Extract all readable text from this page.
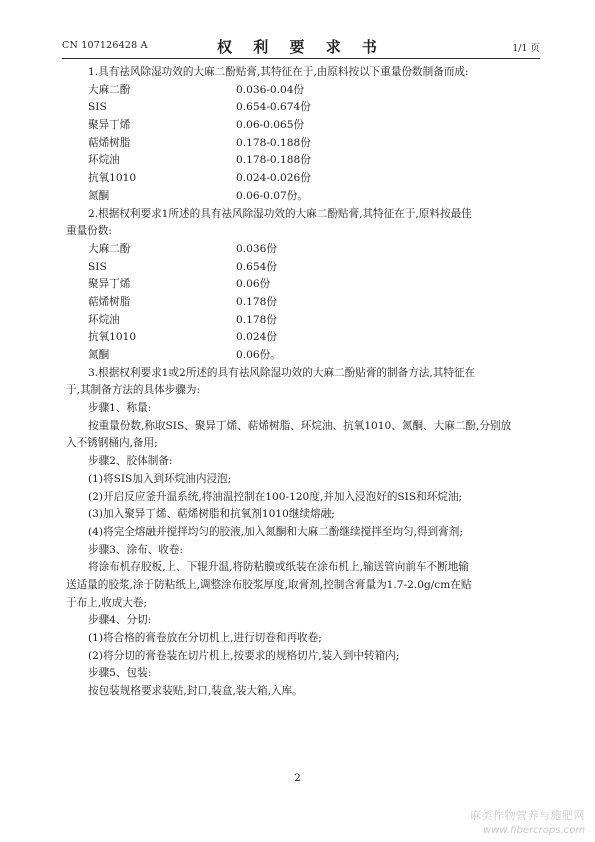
CN 107126428 A	权 利 要 求 书	1/1 页
1.具有祛风除湿功效的大麻二酚贴膏,其特征在于,由原料按以下重量份数制备而成:
大麻二酚	0.036-0.04份
SIS	0.654-0.674份
聚异丁烯	0.06-0.065份
萜烯树脂	0.178-0.188份
环烷油	0.178-0.188份
抗氧1010	0.024-0.026份
氮酮	0.06-0.07份。
2.根据权利要求1所述的具有祛风除湿功效的大麻二酚贴膏,其特征在于,原料按最佳
重量份数:
大麻二酚	0.036份
SIS	0.654份
聚异丁烯	0.06份
萜烯树脂	0.178份
环烷油	0.178份
抗氧1010	0.024份
氮酮	0.06份。
3.根据权利要求1或2所述的具有祛风除湿功效的大麻二酚贴膏的制备方法,其特征在
于,其制备方法的具体步骤为:
步骤1、称量:
按重量份数,称取SIS、聚异丁烯、萜烯树脂、环烷油、抗氧1010、氮酮、大麻二酚,分别放
入不锈钢桶内,备用;
步骤2、胶体制备:
(1)将SIS加入到环烷油内浸泡;
(2)开启反应釜升温系统,将油温控制在100-120度,并加入浸泡好的SIS和环烷油;
(3)加入聚异丁烯、萜烯树脂和抗氧剂1010继续熔融;
(4)将完全熔融并搅拌均匀的胶液,加入氮酮和大麻二酚继续搅拌至均匀,得到膏剂;
步骤3、涂布、收卷:
将涂布机存胶板,上、下辊升温,将防粘膜或纸装在涂布机上,输送管向前车不断地输
送适量的胶浆,涂于防粘纸上,调整涂布胶浆厚度,取膏剂,控制含膏量为1.7-2.0g/cm在贴
于布上,收成大卷;
步骤4、分切:
(1)将合格的膏卷放在分切机上,进行切卷和再收卷;
(2)将分切的膏卷装在切片机上,按要求的规格切片,装入到中转箱内;
步骤5、包装:
按包装规格要求装贴,封口,装盒,装大箱,入库。
2
麻类作物营养与施肥网
www.fibercrops.com
